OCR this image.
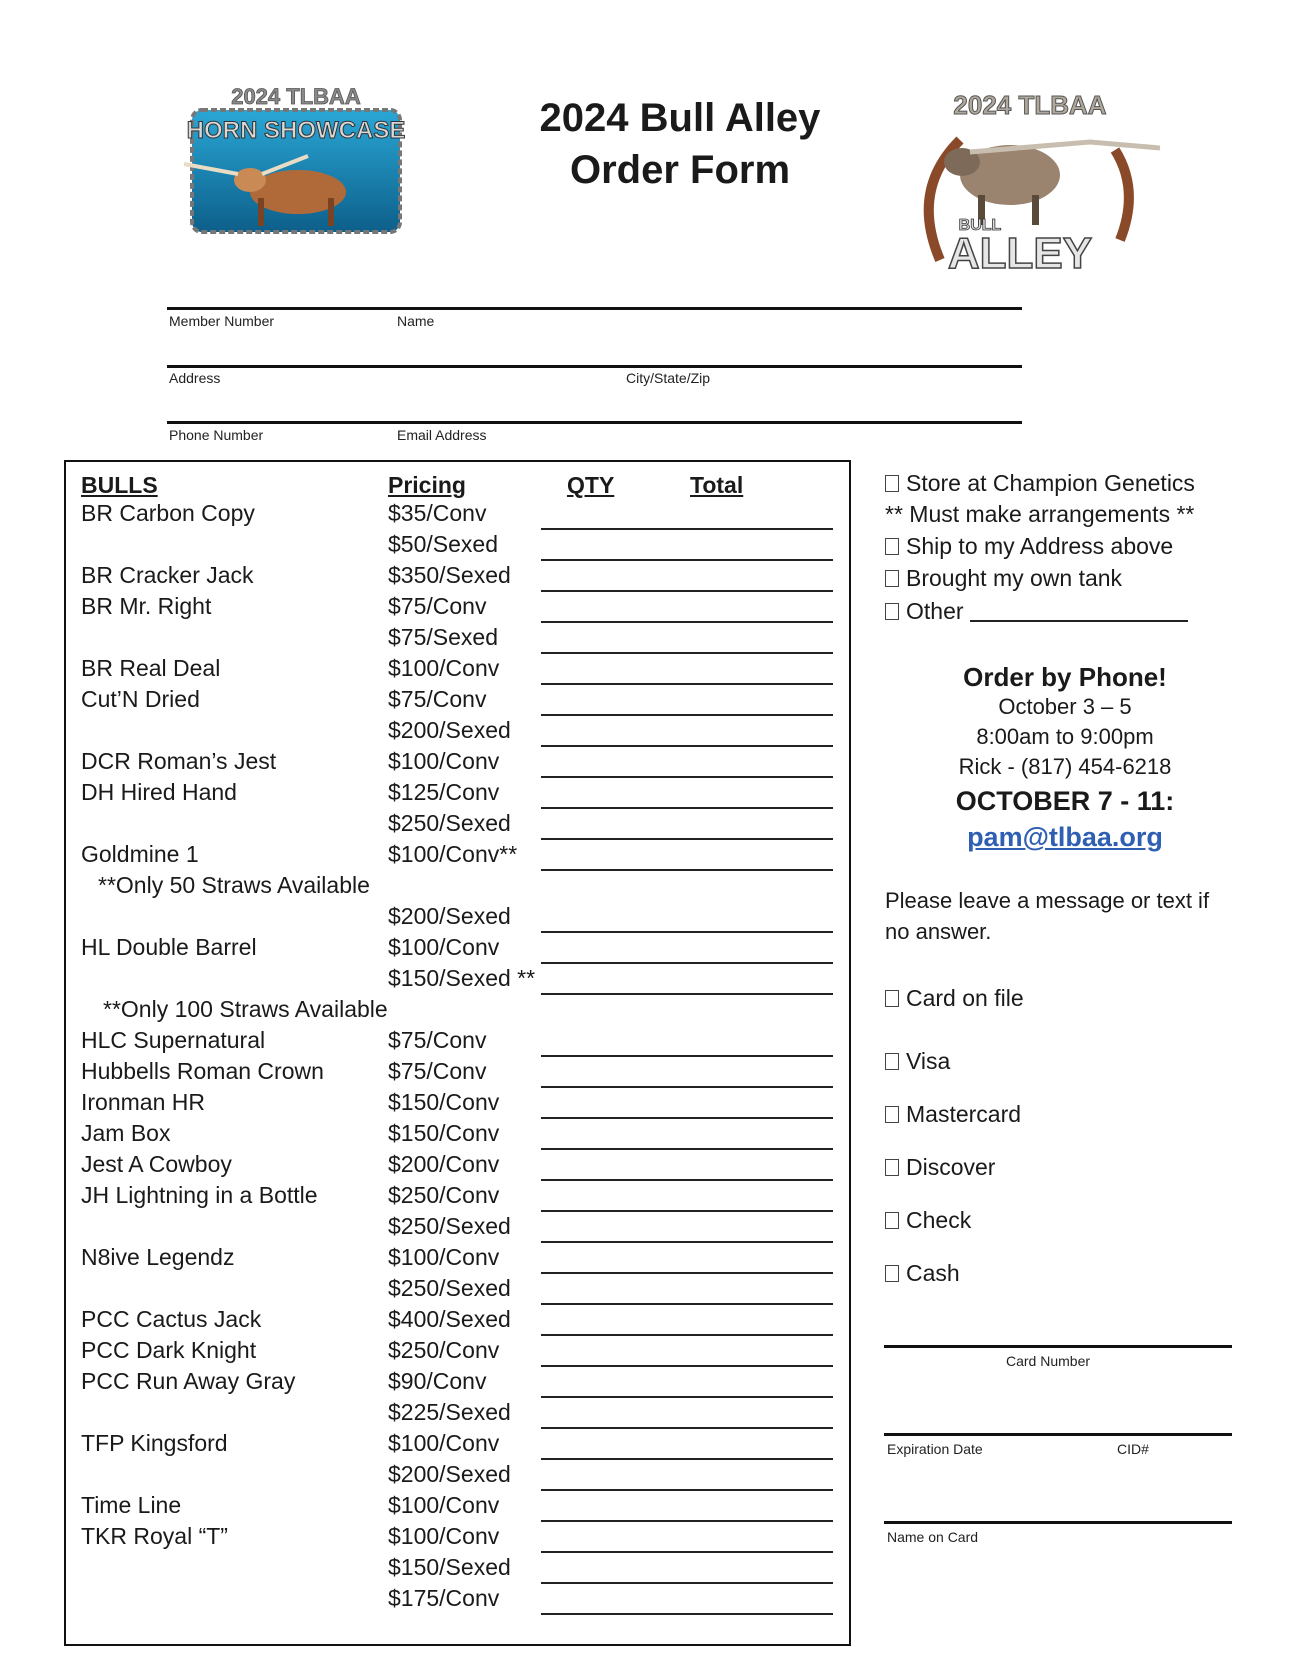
2024 TLBAA
HORN SHOWCASE	2024 Bull Alley
Order Form
2024 TLBAA
BULL
ALLEY
Member Number	Name
Address	City/State/Zip
Phone Number	Email Address
BULLS	Pricing	QTY	Total
BR Carbon Copy	$35/Conv
$50/Sexed
BR Cracker Jack	$350/Sexed
BR Mr. Right	$75/Conv
$75/Sexed
BR Real Deal	$100/Conv
Cut’N Dried	$75/Conv
$200/Sexed
DCR Roman’s Jest	$100/Conv
DH Hired Hand	$125/Conv
$250/Sexed
Goldmine 1	$100/Conv**
**Only 50 Straws Available
$200/Sexed
HL Double Barrel	$100/Conv
$150/Sexed **
**Only 100 Straws Available
HLC Supernatural	$75/Conv
Hubbells Roman Crown	$75/Conv
Ironman HR	$150/Conv
Jam Box	$150/Conv
Jest A Cowboy	$200/Conv
JH Lightning in a Bottle	$250/Conv
$250/Sexed
N8ive Legendz	$100/Conv
$250/Sexed
PCC Cactus Jack	$400/Sexed
PCC Dark Knight	$250/Conv
PCC Run Away Gray	$90/Conv
$225/Sexed
TFP Kingsford	$100/Conv
$200/Sexed
Time Line	$100/Conv
TKR Royal “T”	$100/Conv
$150/Sexed
$175/Conv
Store at Champion Genetics
** Must make arrangements **
Ship to my Address above
Brought my own tank
Other
Order by Phone!
October 3 – 5
8:00am to 9:00pm
Rick - (817) 454-6218
OCTOBER 7 - 11:
pam@tlbaa.org
Please leave a message or text if no answer.
Card on file
Visa
Mastercard
Discover
Check
Cash
Card Number
Expiration Date	CID#
Name on Card
